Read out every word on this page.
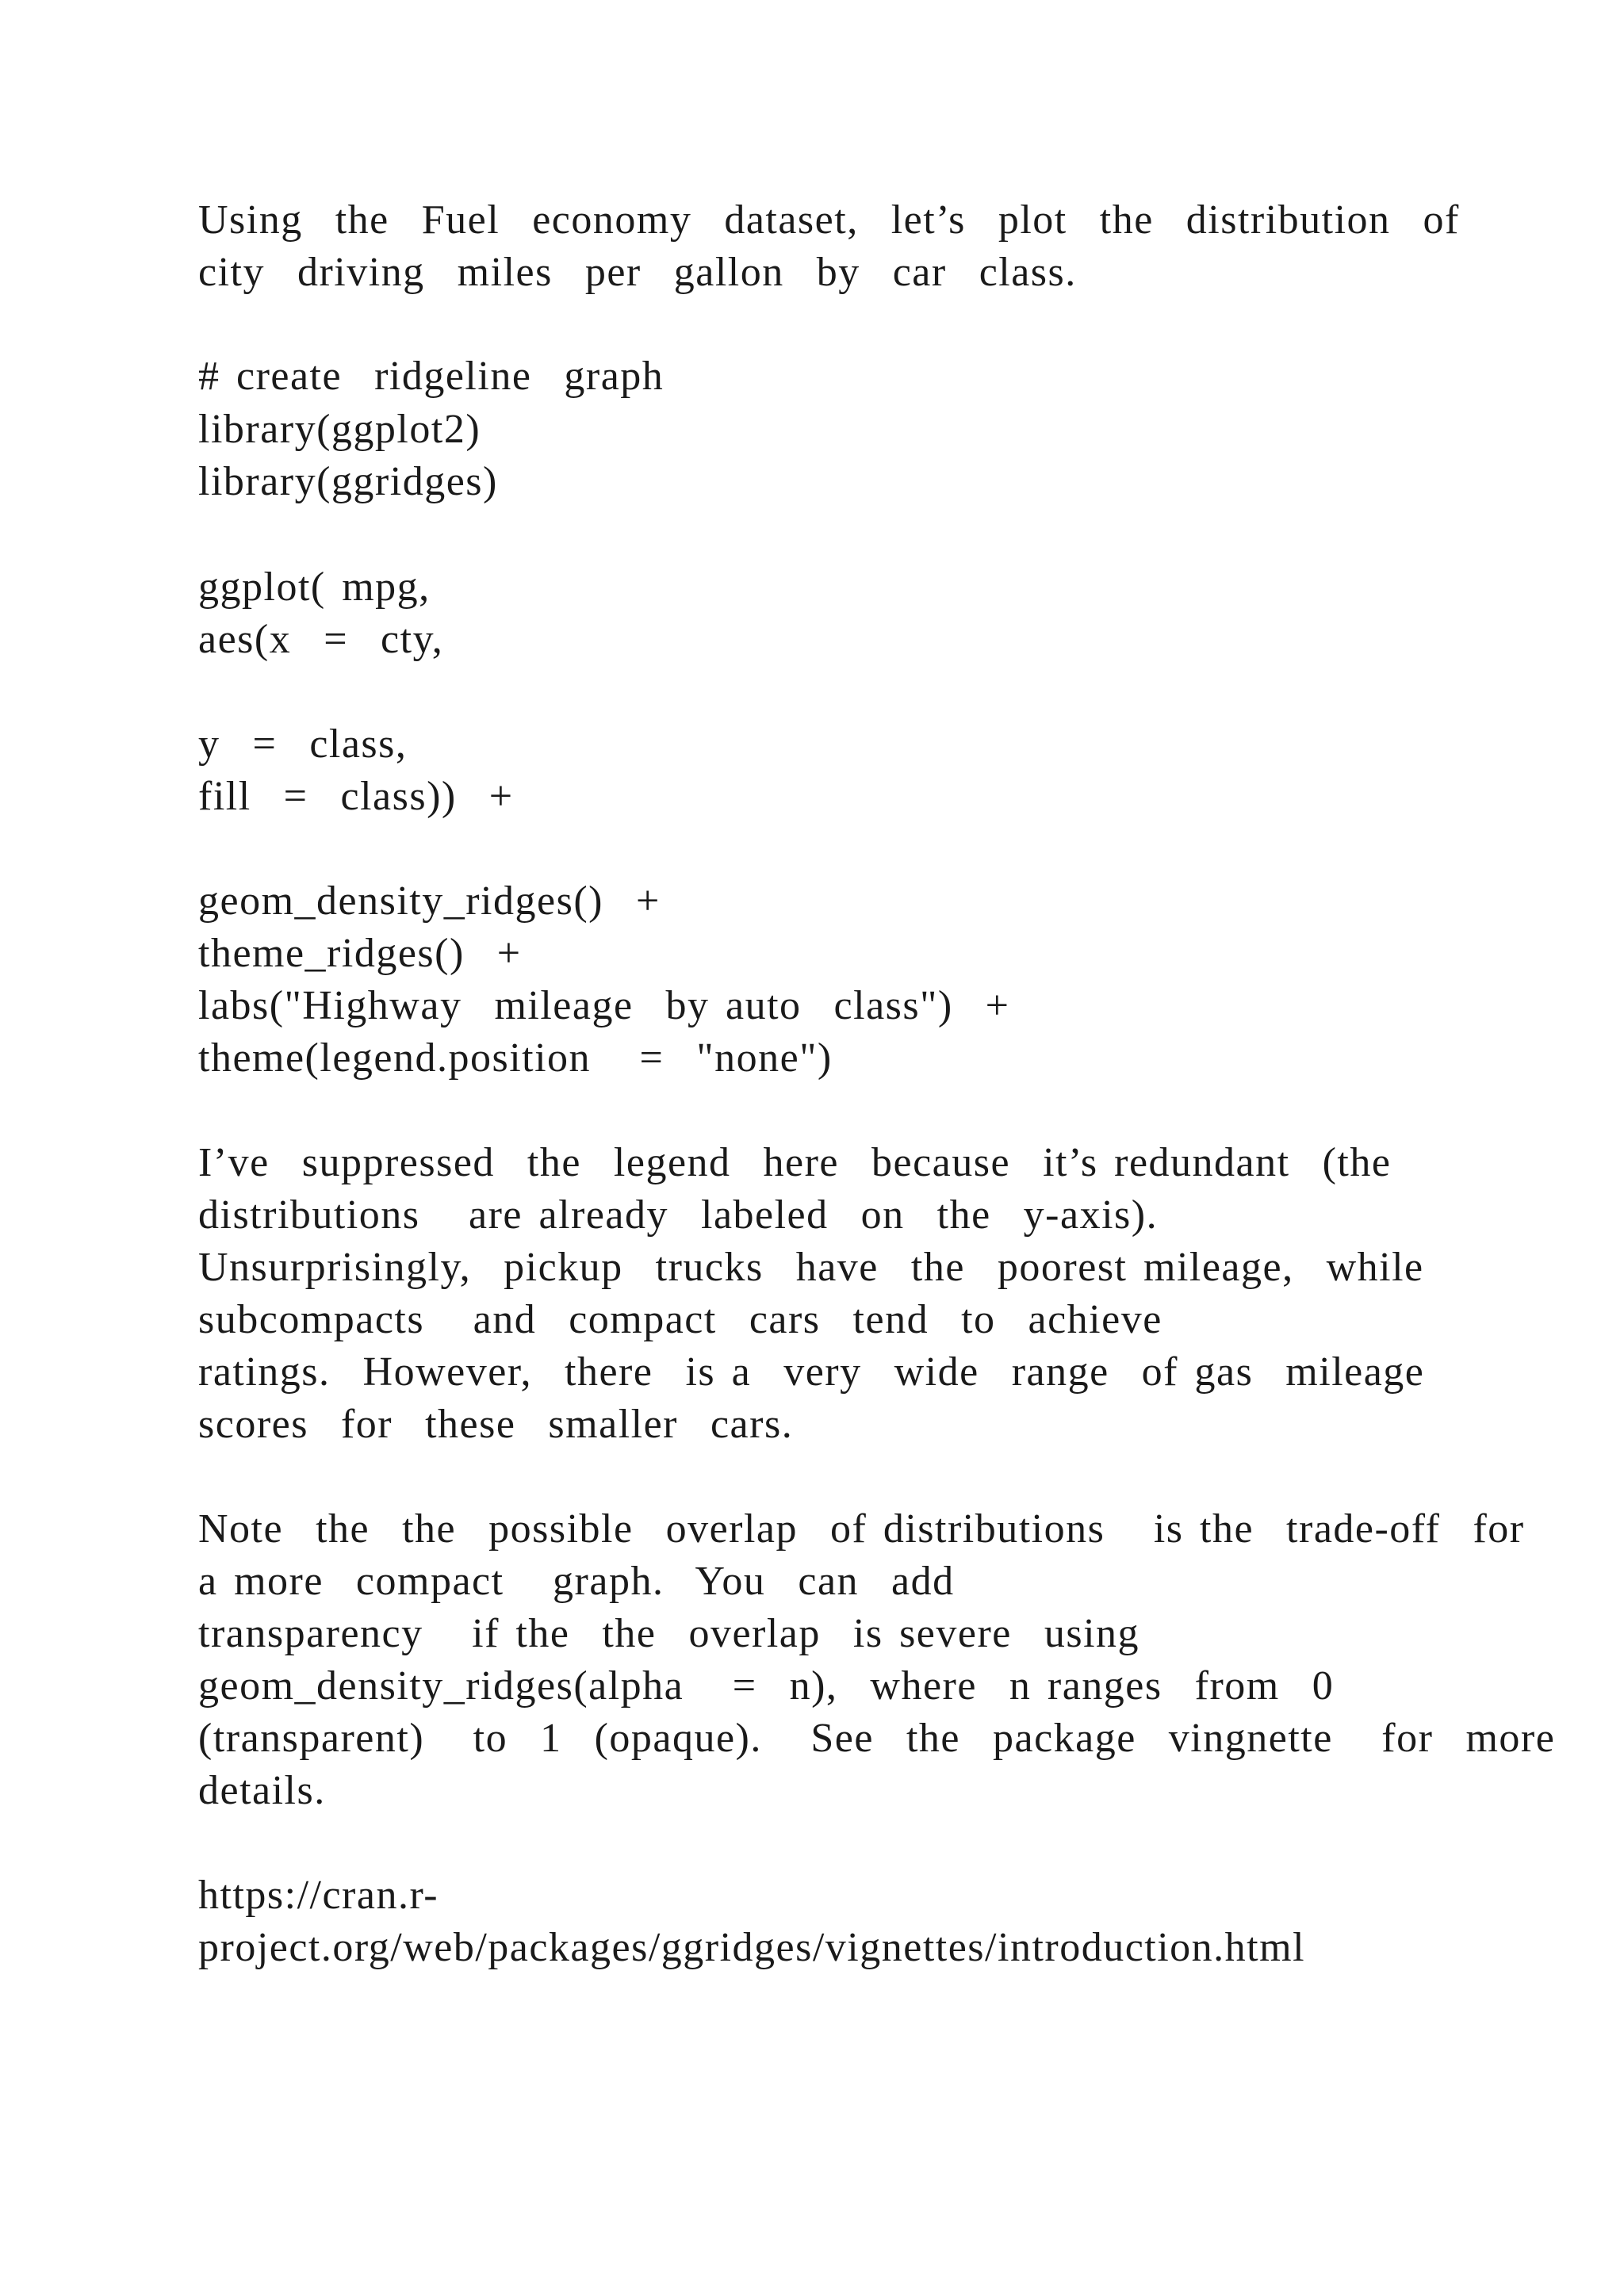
Using  the  Fuel  economy  dataset,  let’s  plot  the  distribution  of
city  driving  miles  per  gallon  by  car  class.
# create  ridgeline  graph
library(ggplot2)
library(ggridges)
ggplot( mpg,
aes(x  =  cty,
y  =  class,
fill  =  class))  +
geom_density_ridges()  +
theme_ridges()  +
labs("Highway  mileage  by auto  class")  +
theme(legend.position   =  "none")
I’ve  suppressed  the  legend  here  because  it’s redundant  (the
distributions   are already  labeled  on  the  y-axis).
Unsurprisingly,  pickup  trucks  have  the  poorest mileage,  while
subcompacts   and  compact  cars  tend  to  achieve
ratings.  However,  there  is a  very  wide  range  of gas  mileage
scores  for  these  smaller  cars.
Note  the  the  possible  overlap  of distributions   is the  trade-off  for
a more  compact   graph.  You  can  add
transparency   if the  the  overlap  is severe  using
geom_density_ridges(alpha   =  n),  where  n ranges  from  0
(transparent)   to  1  (opaque).   See  the  package  vingnette   for  more
details.
https://cran.r-
project.org/web/packages/ggridges/vignettes/introduction.html
